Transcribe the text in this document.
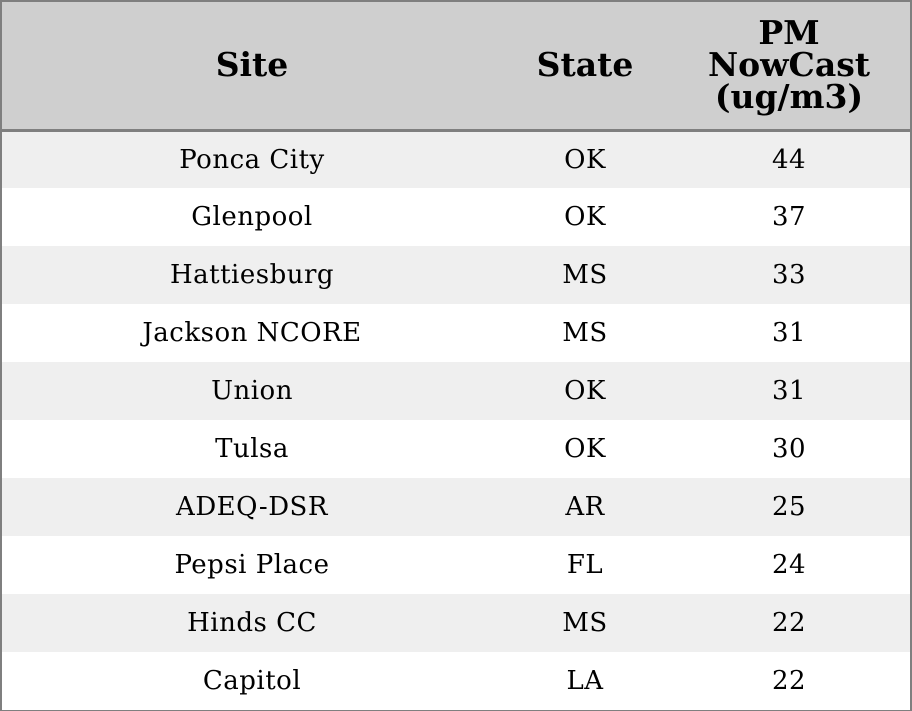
Site	State	PM
NowCast
(ug/m3)
Ponca City	OK	44
Glenpool	OK	37
Hattiesburg	MS	33
Jackson NCORE	MS	31
Union	OK	31
Tulsa	OK	30
ADEQ-DSR	AR	25
Pepsi Place	FL	24
Hinds CC	MS	22
Capitol	LA	22
